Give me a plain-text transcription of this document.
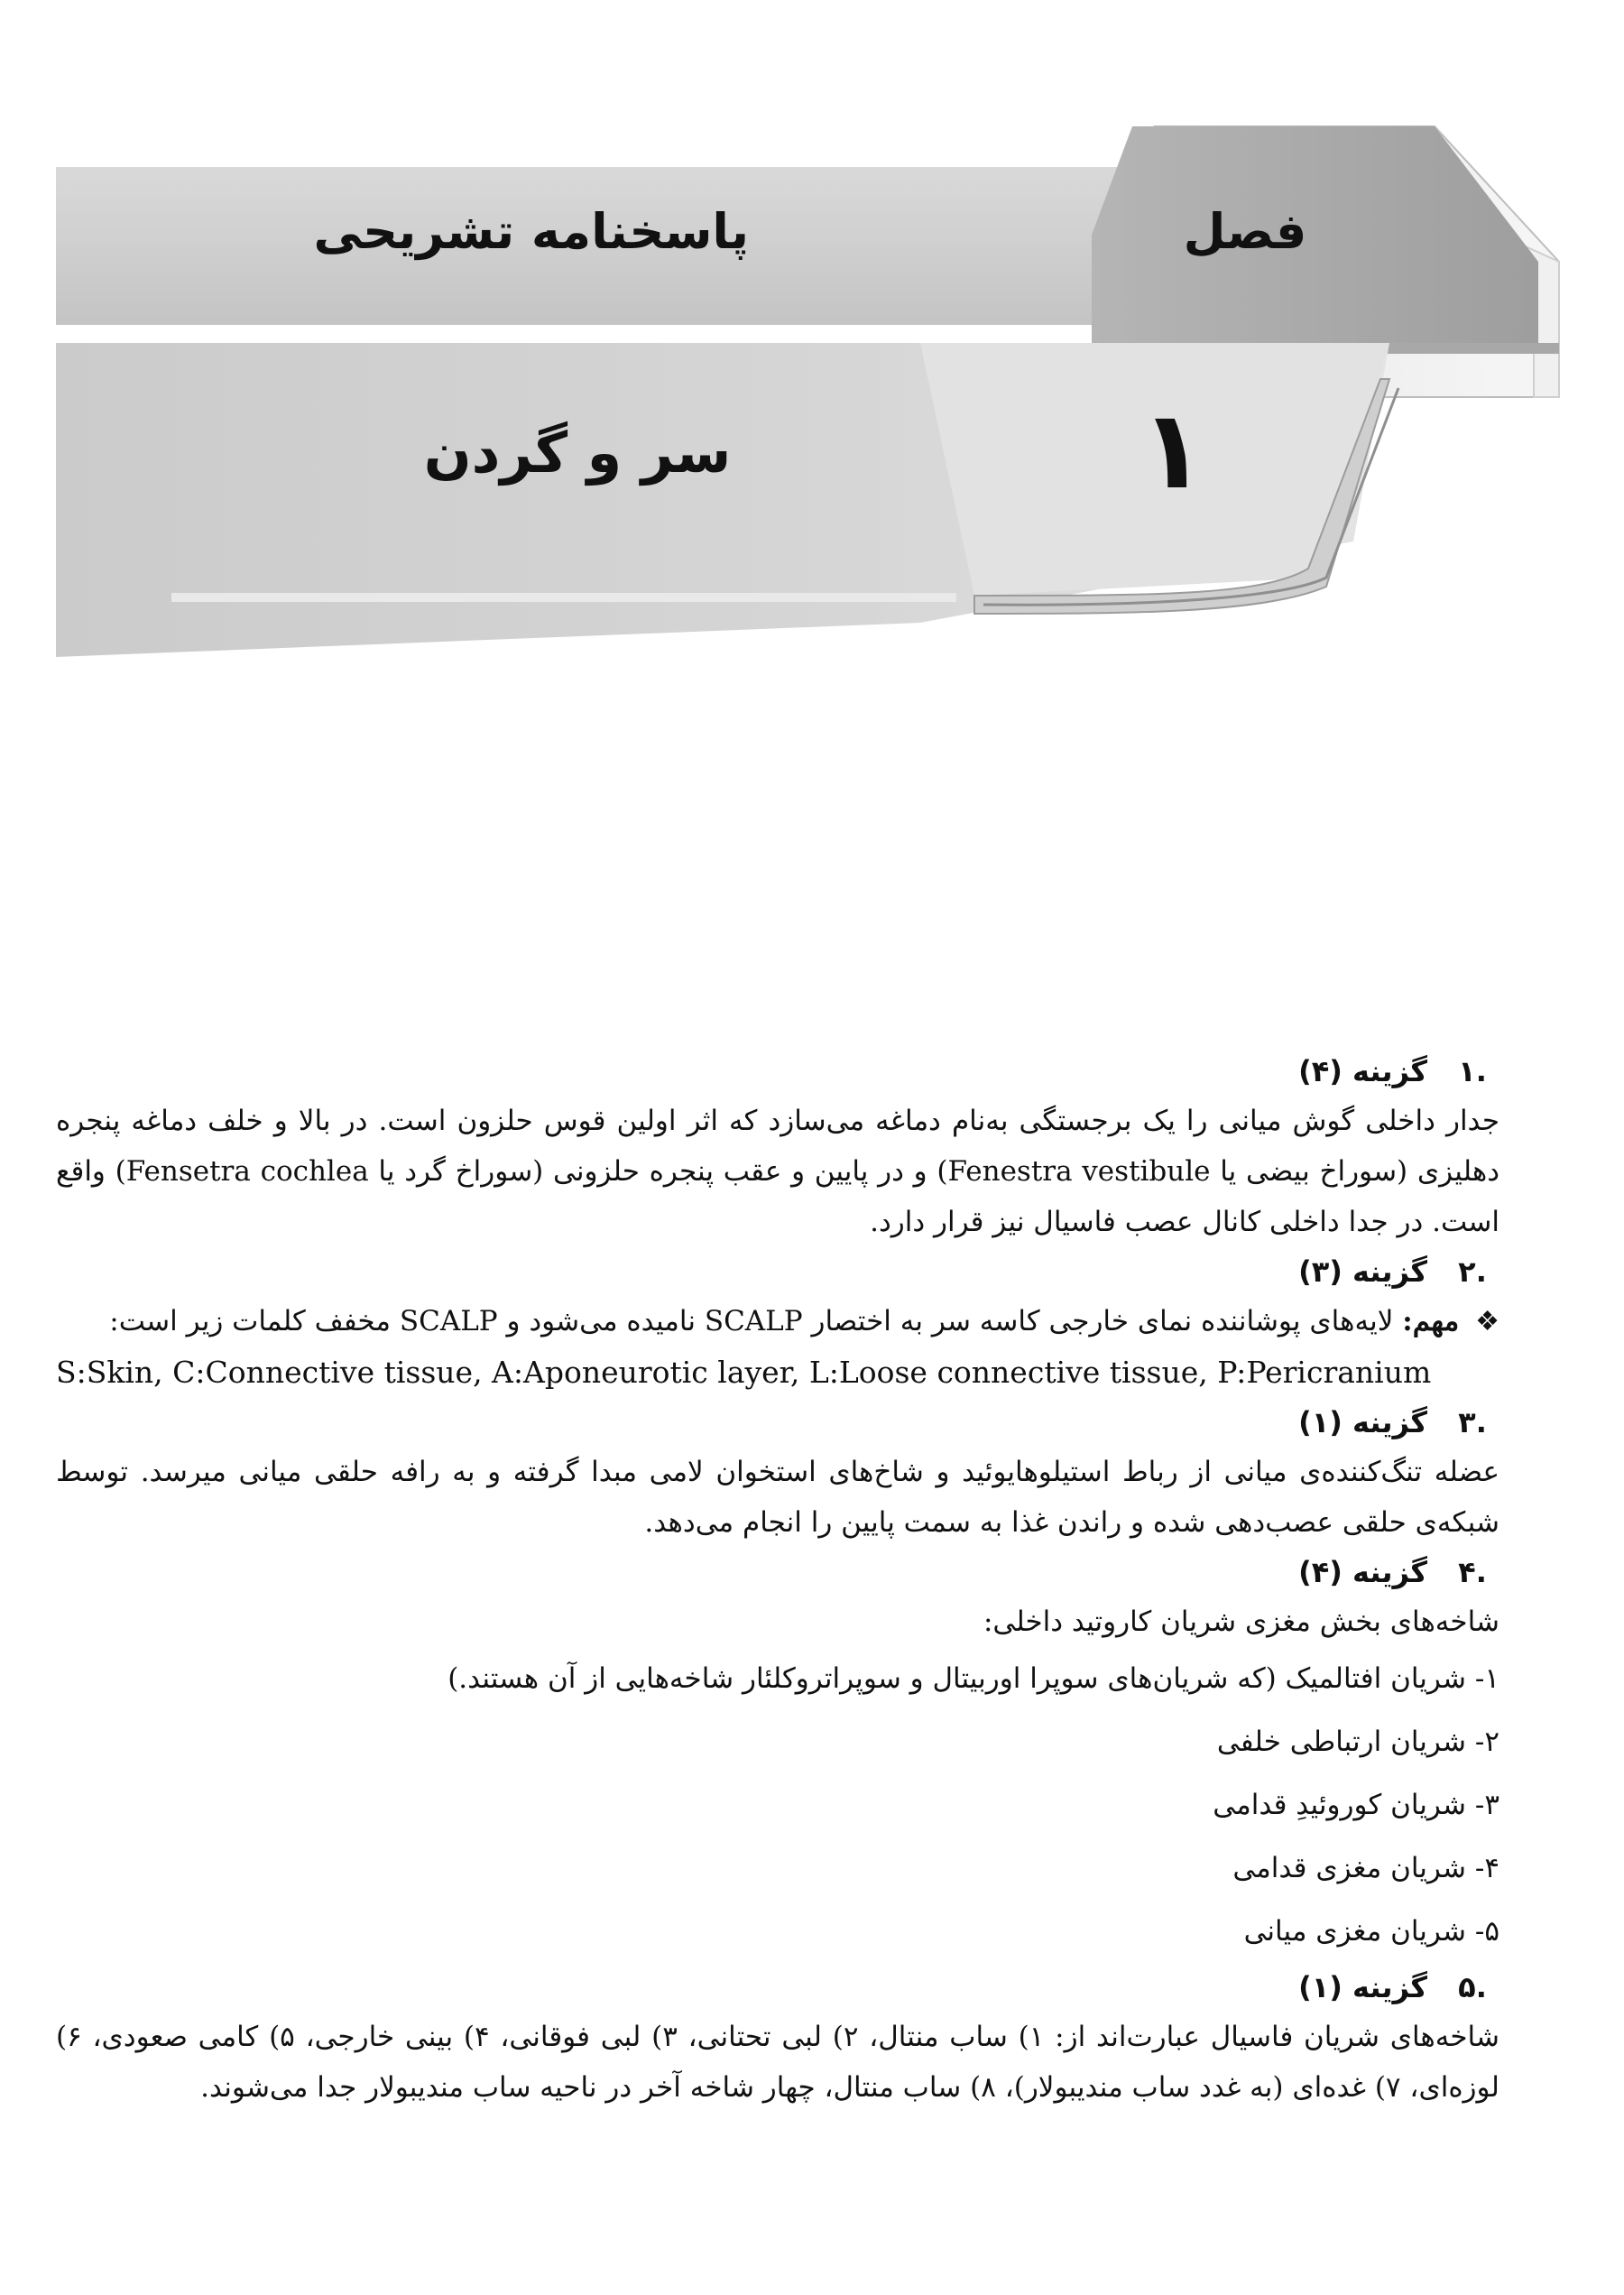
پاسخنامه تشریحی	فصل
سر و گردن	۱
.۱
گزینه (۴)
جدار داخلی گوش میانی را یک برجستگی به‌نام دماغه می‌سازد که اثر اولین قوس حلزون است. در بالا و خلف دماغه پنجره دهلیزی (سوراخ بیضی یا Fenestra vestibule) و در پایین و عقب پنجره حلزونی (سوراخ گرد یا Fensetra cochlea) واقع است. در جدا داخلی کانال عصب فاسیال نیز قرار دارد.
.۲
گزینه (۳)
❖ مهم: لایه‌های پوشاننده نمای خارجی کاسه سر به اختصار SCALP نامیده می‌شود و SCALP مخفف کلمات زیر است:
S:Skin, C:Connective tissue, A:Aponeurotic layer, L:Loose connective tissue, P:Pericranium
.۳
گزینه (۱)
عضله تنگ‌کننده‌ی میانی از رباط استیلوهایوئید و شاخ‌های استخوان لامی مبدا گرفته و به رافه حلقی میانی میرسد. توسط شبکه‌ی حلقی عصب‌دهی شده و راندن غذا به سمت پایین را انجام می‌دهد.
.۴
گزینه (۴)
شاخه‌های بخش مغزی شریان کاروتید داخلی:
۱- شریان افتالمیک (که شریان‌های سوپرا اوربیتال و سوپراتروکلئار شاخه‌هایی از آن هستند.)
۲- شریان ارتباطی خلفی
۳- شریان کوروئیدِ قدامی
۴- شریان مغزی قدامی
۵- شریان مغزی میانی
.۵
گزینه (۱)
شاخه‌های شریان فاسیال عبارت‌اند از: ۱) ساب منتال، ۲) لبی تحتانی، ۳) لبی فوقانی، ۴) بینی خارجی، ۵) کامی صعودی، ۶) لوزه‌ای، ۷) غده‌ای (به غدد ساب مندیبولار)، ۸) ساب منتال، چهار شاخه آخر در ناحیه ساب مندیبولار جدا می‌شوند.
